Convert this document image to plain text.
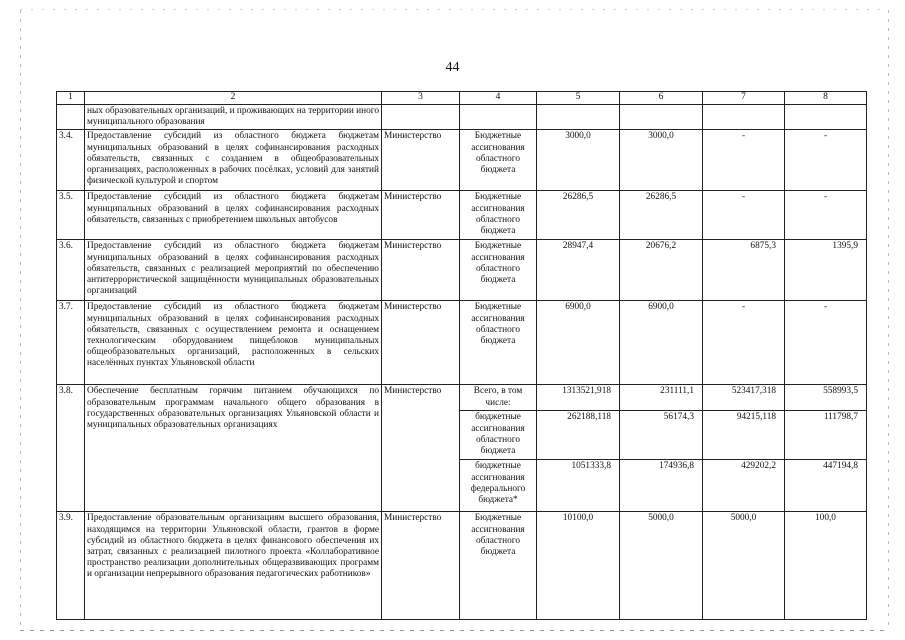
44
1	2	3	4	5	6	7	8
	ных образовательных организаций, и проживающих на территории иного муниципального образования						
3.4.	Предоставление субсидий из областного бюджета бюджетам муниципальных образований в целях софинансирования расходных обязательств, связанных с созданием в общеобразовательных организациях, расположенных в рабочих посёлках, условий для занятий физической культурой и спортом	Министерство	Бюджетные ассигнования областного бюджета	3000,0	3000,0	-	-
3.5.	Предоставление субсидий из областного бюджета бюджетам муниципальных образований в целях софинансирования расходных обязательств, связанных с приобретением школьных автобусов	Министерство	Бюджетные ассигнования областного бюджета	26286,5	26286,5	-	-
3.6.	Предоставление субсидий из областного бюджета бюджетам муниципальных образований в целях софинансирования расходных обязательств, связанных с реализацией мероприятий по обеспечению антитеррористической защищённости муниципальных образовательных организаций	Министерство	Бюджетные ассигнования областного бюджета	28947,4	20676,2	6875,3	1395,9
3.7.	Предоставление субсидий из областного бюджета бюджетам муниципальных образований в целях софинансирования расходных обязательств, связанных с осуществлением ремонта и оснащением технологическим оборудованием пищеблоков муниципальных общеобразовательных организаций, расположенных в сельских населённых пунктах Ульяновской области	Министерство	Бюджетные ассигнования областного бюджета	6900,0	6900,0	-	-
3.8.	Обеспечение бесплатным горячим питанием обучающихся по образовательным программам начального общего образования в государственных образовательных организациях Ульяновской области и муниципальных образовательных организациях	Министерство	Всего, в том числе:	1313521,918	231111,1	523417,318	558993,5
			бюджетные ассигнования областного бюджета	262188,118	56174,3	94215,118	111798,7
			бюджетные ассигнования федерального бюджета*	1051333,8	174936,8	429202,2	447194,8
3.9.	Предоставление образовательным организациям высшего образования, находящимся на территории Ульяновской области, грантов в форме субсидий из областного бюджета в целях финансового обеспечения их затрат, связанных с реализацией пилотного проекта «Коллаборативное пространство реализации дополнительных общеразвивающих программ и организации непрерывного образования педагогических работников»	Министерство	Бюджетные ассигнования областного бюджета	10100,0	5000,0	5000,0	100,0
